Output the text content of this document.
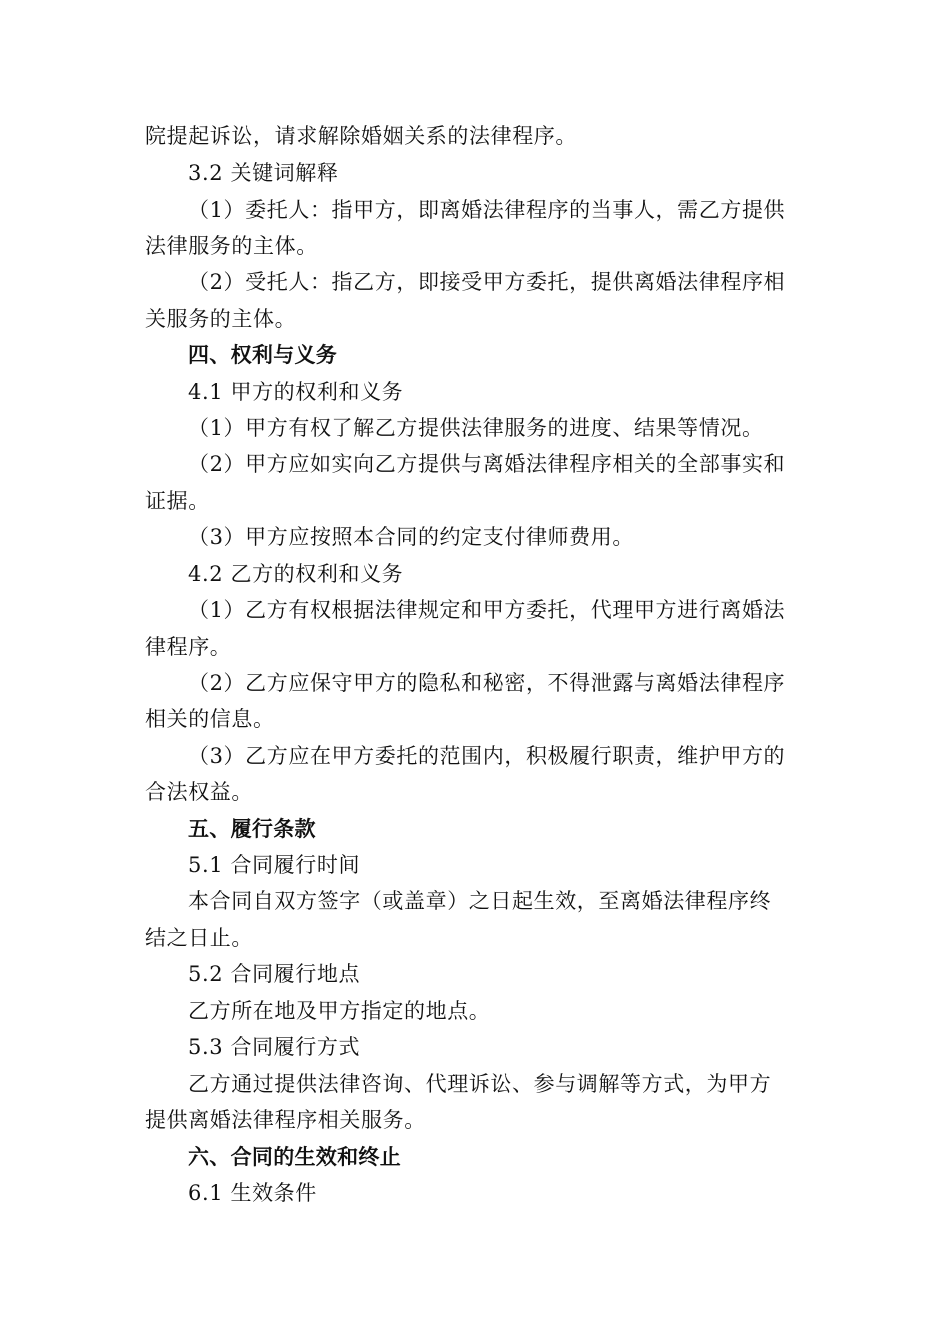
院提起诉讼，请求解除婚姻关系的法律程序。
3.2 关键词解释
（1）委托人：指甲方，即离婚法律程序的当事人，需乙方提供
法律服务的主体。
（2）受托人：指乙方，即接受甲方委托，提供离婚法律程序相
关服务的主体。
四、权利与义务
4.1 甲方的权利和义务
（1）甲方有权了解乙方提供法律服务的进度、结果等情况。
（2）甲方应如实向乙方提供与离婚法律程序相关的全部事实和
证据。
（3）甲方应按照本合同的约定支付律师费用。
4.2 乙方的权利和义务
（1）乙方有权根据法律规定和甲方委托，代理甲方进行离婚法
律程序。
（2）乙方应保守甲方的隐私和秘密，不得泄露与离婚法律程序
相关的信息。
（3）乙方应在甲方委托的范围内，积极履行职责，维护甲方的
合法权益。
五、履行条款
5.1 合同履行时间
本合同自双方签字（或盖章）之日起生效，至离婚法律程序终
结之日止。
5.2 合同履行地点
乙方所在地及甲方指定的地点。
5.3 合同履行方式
乙方通过提供法律咨询、代理诉讼、参与调解等方式，为甲方
提供离婚法律程序相关服务。
六、合同的生效和终止
6.1 生效条件
